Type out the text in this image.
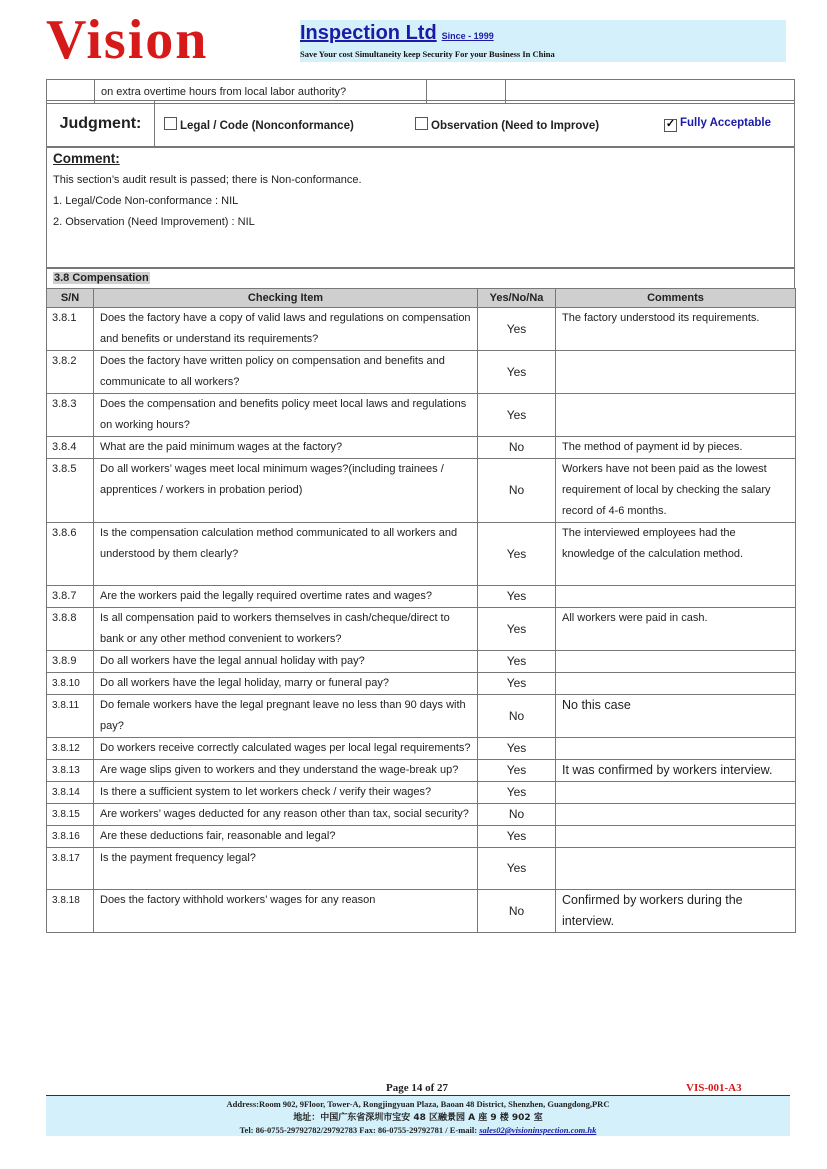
Vision	Inspection Ltd Since - 1999
Save Your cost Simultaneity keep Security For your Business In China
	on extra overtime hours from local labor authority?		
Judgment:	Legal / Code (Nonconformance)	Observation (Need to Improve)	✓ Fully Acceptable
Comment:
This section’s audit result is passed; there is Non-conformance.
1. Legal/Code Non-conformance : NIL
2. Observation (Need Improvement) : NIL
3.8 Compensation
S/N	Checking Item	Yes/No/Na	Comments
3.8.1	Does the factory have a copy of valid laws and regulations on compensation and benefits or understand its requirements?	Yes	The factory understood its requirements.
3.8.2	Does the factory have written policy on compensation and benefits and communicate to all workers?	Yes	
3.8.3	Does the compensation and benefits policy meet local laws and regulations on working hours?	Yes	
3.8.4	What are the paid minimum wages at the factory?	No	The method of payment id by pieces.
3.8.5	Do all workers’ wages meet local minimum wages?(including trainees / apprentices / workers in probation period)	No	Workers have not been paid as the lowest requirement of local by checking the salary record of 4-6 months.
3.8.6	Is the compensation calculation method communicated to all workers and understood by them clearly?	Yes	The interviewed employees had the knowledge of the calculation method.
3.8.7	Are the workers paid the legally required overtime rates and wages?	Yes	
3.8.8	Is all compensation paid to workers themselves in cash/cheque/direct to bank or any other method convenient to workers?	Yes	All workers were paid in cash.
3.8.9	Do all workers have the legal annual holiday with pay?	Yes	
3.8.10	Do all workers have the legal holiday, marry or funeral pay?	Yes	
3.8.11	Do female workers have the legal pregnant leave no less than 90 days with pay?	No	No this case
3.8.12	Do workers receive correctly calculated wages per local legal requirements?	Yes	
3.8.13	Are wage slips given to workers and they understand the wage-break up?	Yes	It was confirmed by workers interview.
3.8.14	Is there a sufficient system to let workers check / verify their wages?	Yes	
3.8.15	Are workers’ wages deducted for any reason other than tax, social security?	No	
3.8.16	Are these deductions fair, reasonable and legal?	Yes	
3.8.17	Is the payment frequency legal?	Yes	
3.8.18	Does the factory withhold workers’ wages for any reason	No	Confirmed by workers during the interview.
Page 14 of 27	VIS-001-A3
Address:Room 902, 9Floor, Tower-A, Rongjingyuan Plaza, Baoan 48 District, Shenzhen, Guangdong,PRC
地址：中国广东省深圳市宝安 48 区融景园 A 座 9 楼 902 室
Tel: 86-0755-29792782/29792783 Fax: 86-0755-29792781 / E-mail: sales02@visioninspection.com.hk
